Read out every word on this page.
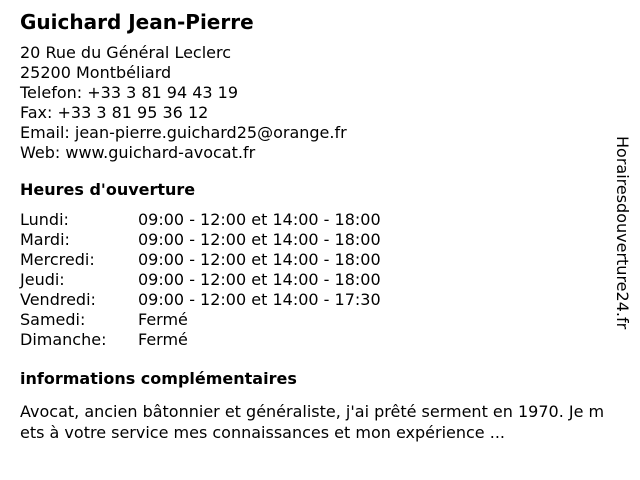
Guichard Jean-Pierre
20 Rue du Général Leclerc
25200 Montbéliard
Telefon: +33 3 81 94 43 19
Fax: +33 3 81 95 36 12
Email: jean-pierre.guichard25@orange.fr
Web: www.guichard-avocat.fr
Heures d'ouverture
Lundi:	09:00 - 12:00 et 14:00 - 18:00
Mardi:	09:00 - 12:00 et 14:00 - 18:00
Mercredi:	09:00 - 12:00 et 14:00 - 18:00
Jeudi:	09:00 - 12:00 et 14:00 - 18:00
Vendredi:	09:00 - 12:00 et 14:00 - 17:30
Samedi:	Fermé
Dimanche:	Fermé
informations complémentaires
Avocat, ancien bâtonnier et généraliste, j'ai prêté serment en 1970. Je mets à votre service mes connaissances et mon expérience ...
Horairesdouverture24.fr
